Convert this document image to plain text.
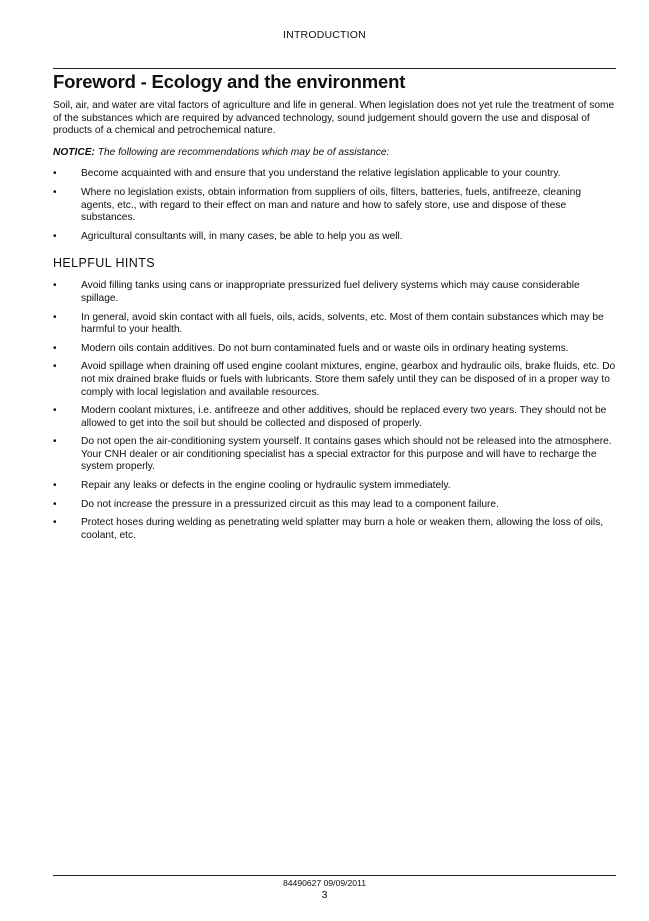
INTRODUCTION
Foreword - Ecology and the environment

Soil, air, and water are vital factors of agriculture and life in general. When legislation does not yet rule the treatment of some of the substances which are required by advanced technology, sound judgement should govern the use and disposal of products of a chemical and petrochemical nature.

NOTICE: The following are recommendations which may be of assistance:

•	Become acquainted with and ensure that you understand the relative legislation applicable to your country.
•	Where no legislation exists, obtain information from suppliers of oils, filters, batteries, fuels, antifreeze, cleaning agents, etc., with regard to their effect on man and nature and how to safely store, use and dispose of these substances.
•	Agricultural consultants will, in many cases, be able to help you as well.
HELPFUL HINTS
•	Avoid filling tanks using cans or inappropriate pressurized fuel delivery systems which may cause considerable spillage.
•	In general, avoid skin contact with all fuels, oils, acids, solvents, etc. Most of them contain substances which may be harmful to your health.
•	Modern oils contain additives. Do not burn contaminated fuels and or waste oils in ordinary heating systems.
•	Avoid spillage when draining off used engine coolant mixtures, engine, gearbox and hydraulic oils, brake fluids, etc. Do not mix drained brake fluids or fuels with lubricants. Store them safely until they can be disposed of in a proper way to comply with local legislation and available resources.
•	Modern coolant mixtures, i.e. antifreeze and other additives, should be replaced every two years. They should not be allowed to get into the soil but should be collected and disposed of properly.
•	Do not open the air-conditioning system yourself. It contains gases which should not be released into the atmosphere. Your CNH dealer or air conditioning specialist has a special extractor for this purpose and will have to recharge the system properly.
•	Repair any leaks or defects in the engine cooling or hydraulic system immediately.
•	Do not increase the pressure in a pressurized circuit as this may lead to a component failure.
•	Protect hoses during welding as penetrating weld splatter may burn a hole or weaken them, allowing the loss of oils, coolant, etc.
84490627 09/09/2011
3
